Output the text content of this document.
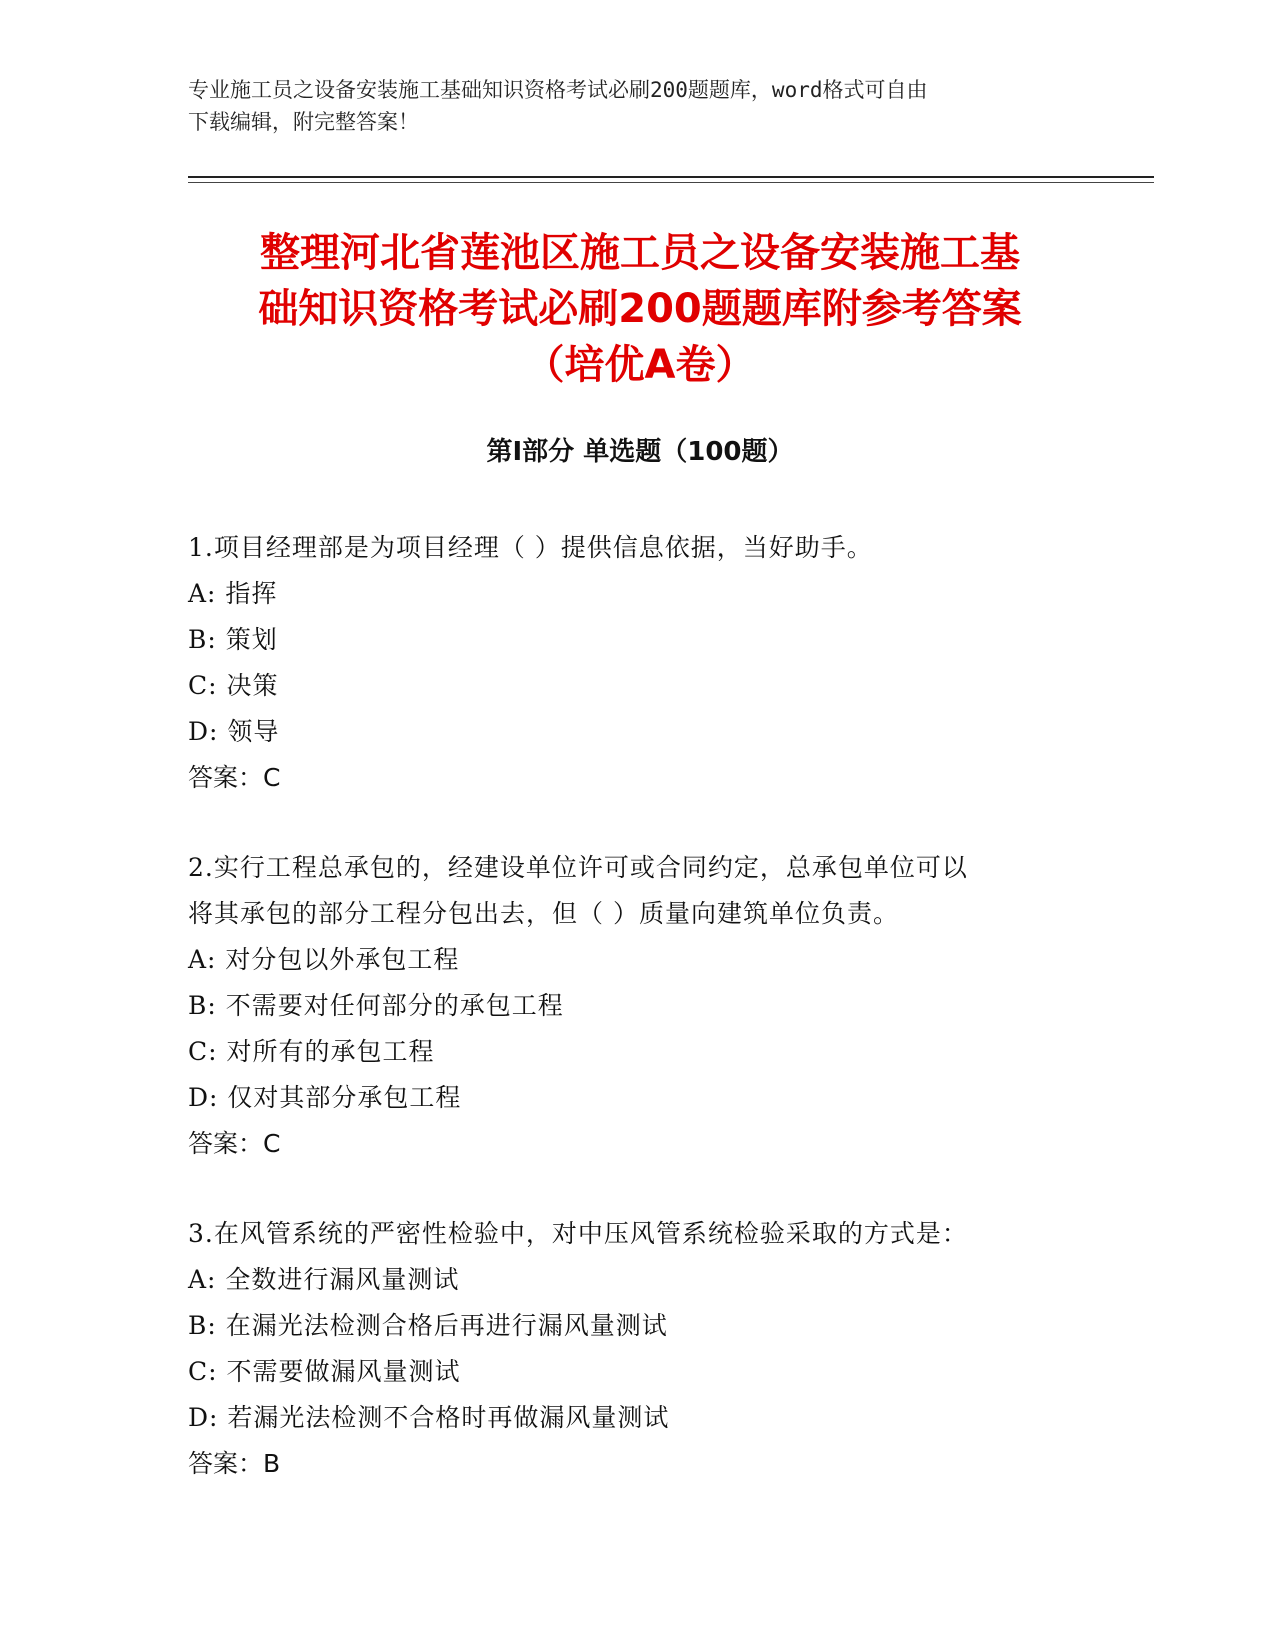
专业施工员之设备安装施工基础知识资格考试必刷200题题库，word格式可自由
下载编辑，附完整答案！
整理河北省莲池区施工员之设备安装施工基
础知识资格考试必刷200题题库附参考答案
（培优A卷）
第Ⅰ部分 单选题（100题）
1.项目经理部是为项目经理（ ）提供信息依据，当好助手。
A: 指挥
B: 策划
C: 决策
D: 领导
答案：C
2.实行工程总承包的，经建设单位许可或合同约定，总承包单位可以
将其承包的部分工程分包出去，但（ ）质量向建筑单位负责。
A: 对分包以外承包工程
B: 不需要对任何部分的承包工程
C: 对所有的承包工程
D: 仅对其部分承包工程
答案：C
3.在风管系统的严密性检验中，对中压风管系统检验采取的方式是：
A: 全数进行漏风量测试
B: 在漏光法检测合格后再进行漏风量测试
C: 不需要做漏风量测试
D: 若漏光法检测不合格时再做漏风量测试
答案：B
